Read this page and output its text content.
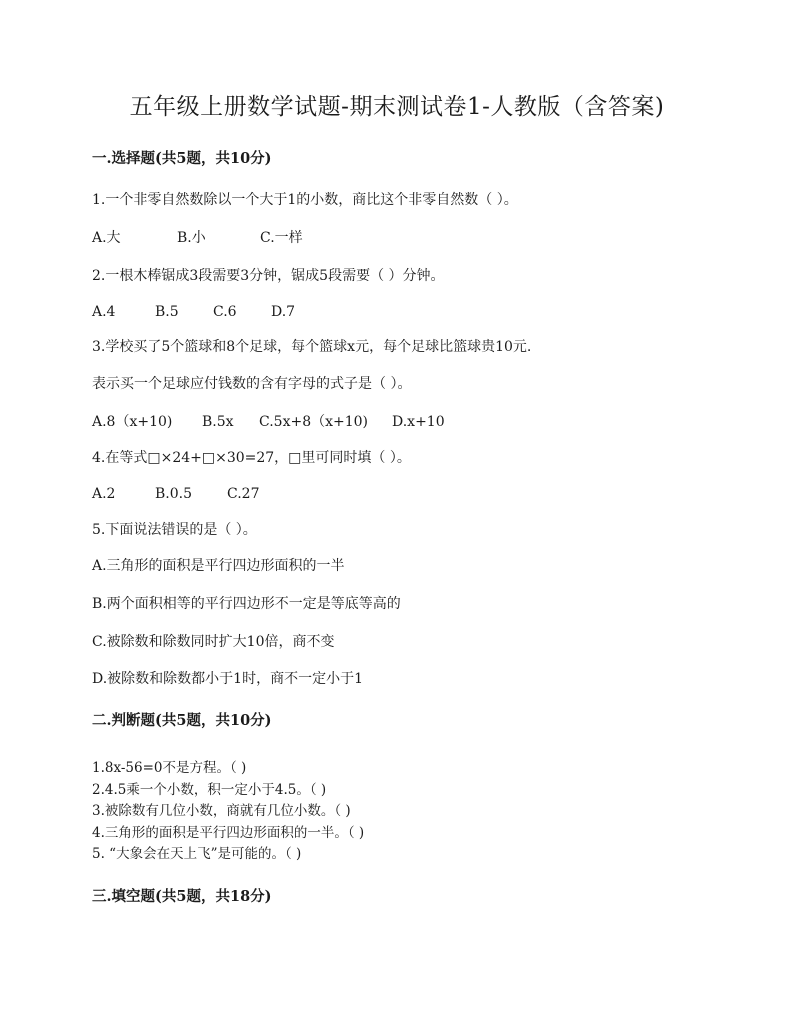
五年级上册数学试题-期末测试卷1-人教版（含答案)
一.选择题(共5题，共10分)
1.一个非零自然数除以一个大于1的小数，商比这个非零自然数（ ）。
A.大	B.小	C.一样
2.一根木棒锯成3段需要3分钟，锯成5段需要（ ）分钟。
A.4	B.5 C.6 D.7
3.学校买了5个篮球和8个足球，每个篮球x元，每个足球比篮球贵10元.
表示买一个足球应付钱数的含有字母的式子是（ ）。
A.8（x+10) B.5x C.5x+8（x+10) D.x+10
4.在等式□×24+□×30=27，□里可同时填（ ）。
A.2	B.0.5 C.27
5.下面说法错误的是（ ）。
A.三角形的面积是平行四边形面积的一半
B.两个面积相等的平行四边形不一定是等底等高的
C.被除数和除数同时扩大10倍，商不变
D.被除数和除数都小于1时，商不一定小于1
二.判断题(共5题，共10分)
1.8x-56=0不是方程。（ )
2.4.5乘一个小数，积一定小于4.5。（ )
3.被除数有几位小数，商就有几位小数。（ )
4.三角形的面积是平行四边形面积的一半。（ )
5. “大象会在天上飞”是可能的。（ )
三.填空题(共5题，共18分)
